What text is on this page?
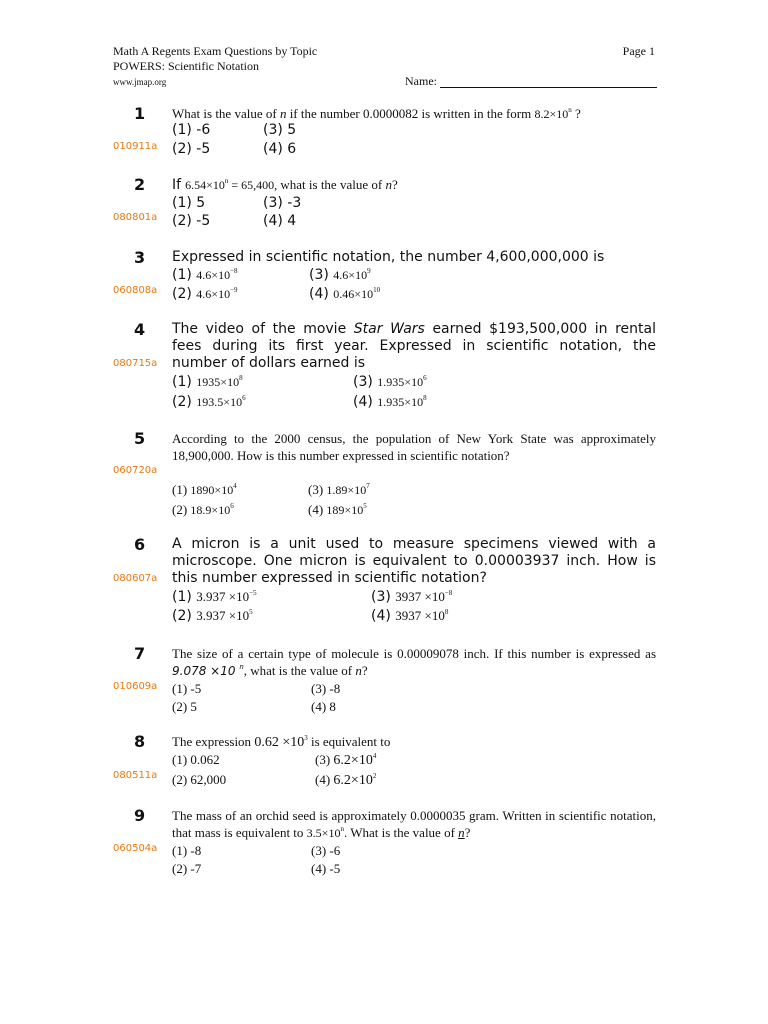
Math A Regents Exam Questions by Topic
POWERS: Scientific Notation
www.jmap.org
Page 1
Name:
1
010911a
What is the value of n if the number 0.0000082 is written in the form $8.2\times 10^n$ ?
(1) -6	(3) 5
(2) -5	(4) 6
2
080801a
If $6.54\times 10^n = 65,400$, what is the value of n?
(1) 5	(3) -3
(2) -5	(4) 4
3
060808a
Expressed in scientific notation, the number 4,600,000,000 is
(1) $4.6\times 10^{-8}$	(3) $4.6\times 10^9$
(2) $4.6\times 10^{-9}$	(4) $0.46\times 10^{10}$
4
080715a
The video of the movie Star Wars earned $193,500,000 in rental fees during its first year. Expressed in scientific notation, the number of dollars earned is
(1) $1935\times 10^8$	(3) $1.935\times 10^6$
(2) $193.5\times 10^6$	(4) $1.935\times 10^8$
5
060720a
According to the 2000 census, the population of New York State was approximately 18,900,000. How is this number expressed in scientific notation?
(1) $1890\times 10^4$	(3) $1.89\times 10^7$
(2) $18.9\times 10^6$	(4) $189\times 10^5$
6
080607a
A micron is a unit used to measure specimens viewed with a microscope. One micron is equivalent to 0.00003937 inch. How is this number expressed in scientific notation?
(1) $3.937 \times 10^{-5}$	(3) $3937 \times 10^{-8}$
(2) $3.937 \times 10^5$	(4) $3937 \times 10^8$
7
010609a
The size of a certain type of molecule is 0.00009078 inch. If this number is expressed as 9.078 ×10 $^n$, what is the value of n?
(1) -5	(3) -8
(2) 5	(4) 8
8
080511a
The expression $0.62 \times 10^3$ is equivalent to
(1) 0.062	(3) $6.2\times 10^4$
(2) 62,000	(4) $6.2\times 10^2$
9
060504a
The mass of an orchid seed is approximately 0.0000035 gram. Written in scientific notation, that mass is equivalent to $3.5\times 10^n$. What is the value of n?
(1) -8	(3) -6
(2) -7	(4) -5
